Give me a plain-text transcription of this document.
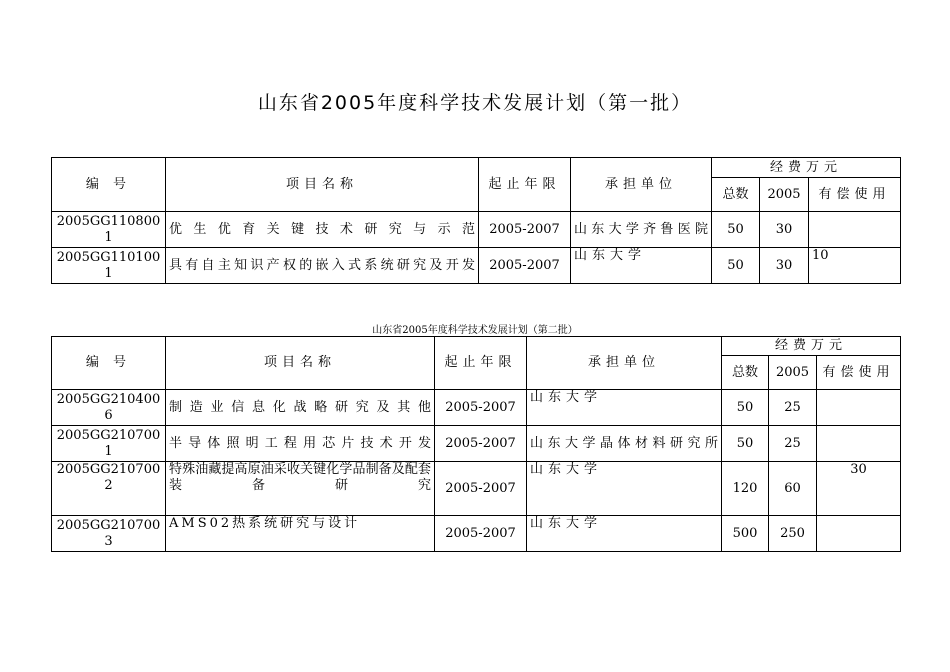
山东省2005年度科学技术发展计划（第一批）
编 号	项目名称	起止年限	承担单位	经费万元		
				总数	2005	有偿使用
2005GG1108001	优生优育关键技术研究与示范	2005-2007	山东大学齐鲁医院	50	30	
2005GG1101001	具有自主知识产权的嵌入式系统研究及开发	2005-2007	山东大学	50	30	10
山东省2005年度科学技术发展计划（第二批）
编 号	项目名称	起止年限	承担单位	经费万元		
				总数	2005	有偿使用
2005GG2104006	制造业信息化战略研究及其他	2005-2007	山东大学	50	25	
2005GG2107001	半导体照明工程用芯片技术开发	2005-2007	山东大学晶体材料研究所	50	25	
2005GG2107002	特殊油藏提高原油采收关键化学品制备及配套装备研究	2005-2007	山东大学	120	60	30
2005GG2107003	AMS02热系统研究与设计	2005-2007	山东大学	500	250	
